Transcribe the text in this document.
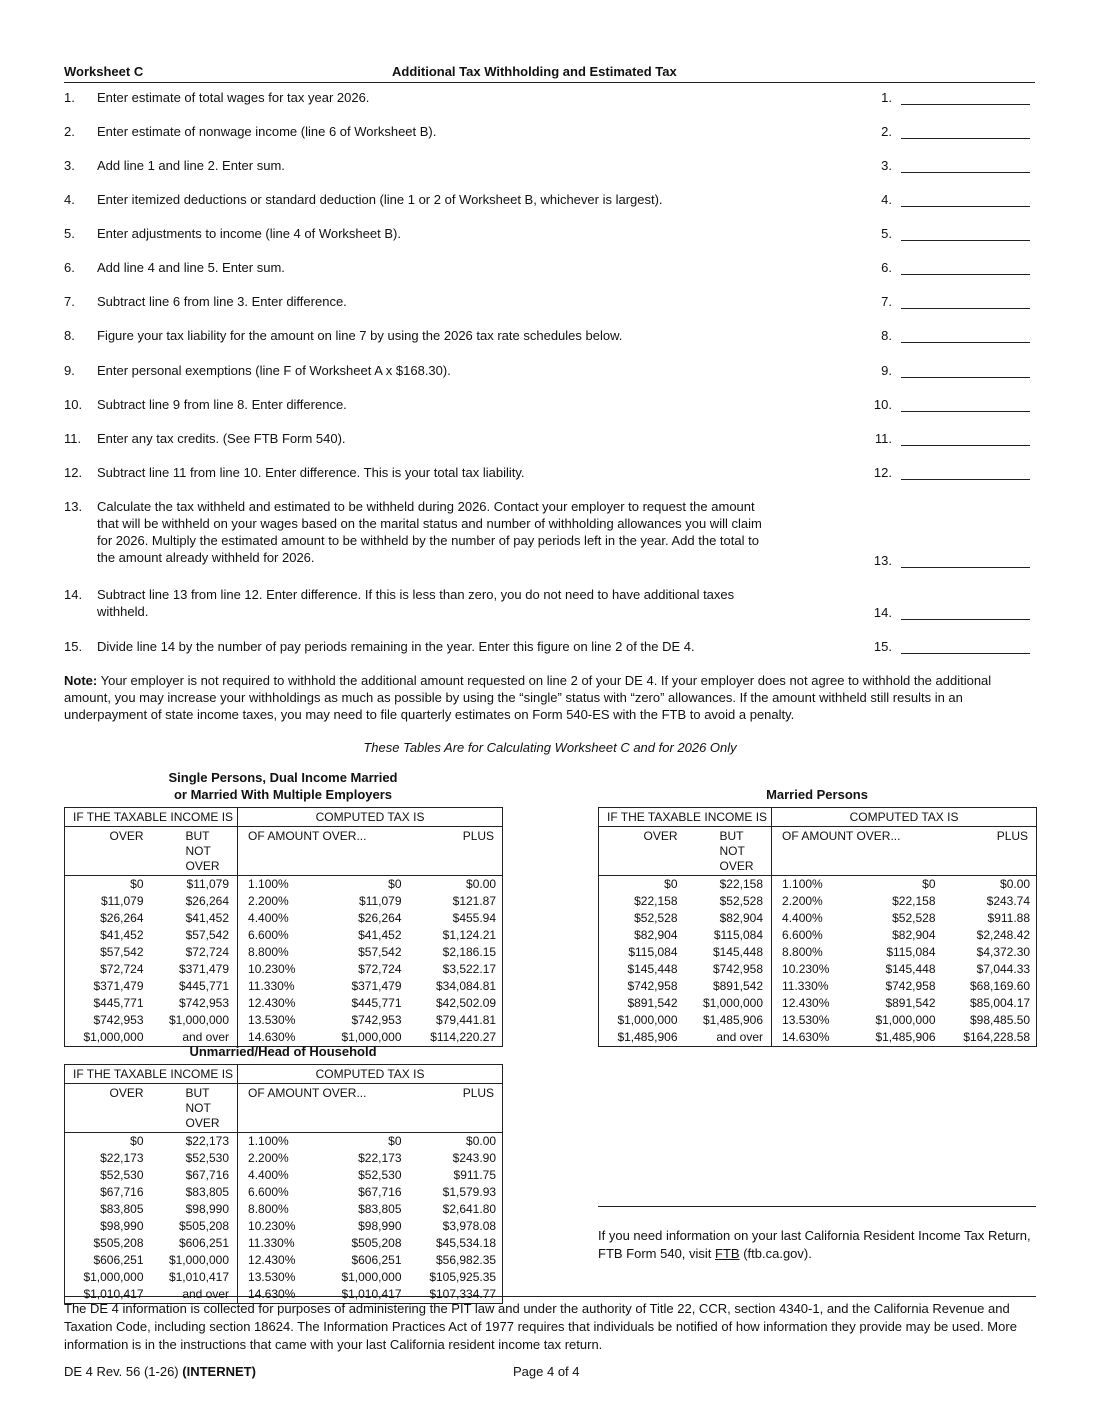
Worksheet C	Additional Tax Withholding and Estimated Tax
1. Enter estimate of total wages for tax year 2026.	1.
2. Enter estimate of nonwage income (line 6 of Worksheet B).	2.
3. Add line 1 and line 2. Enter sum.	3.
4. Enter itemized deductions or standard deduction (line 1 or 2 of Worksheet B, whichever is largest).	4.
5. Enter adjustments to income (line 4 of Worksheet B).	5.
6. Add line 4 and line 5. Enter sum.	6.
7. Subtract line 6 from line 3. Enter difference.	7.
8. Figure your tax liability for the amount on line 7 by using the 2026 tax rate schedules below.	8.
9. Enter personal exemptions (line F of Worksheet A x $168.30).	9.
10. Subtract line 9 from line 8. Enter difference.	10.
11. Enter any tax credits. (See FTB Form 540).	11.
12. Subtract line 11 from line 10. Enter difference. This is your total tax liability.	12.
13. Calculate the tax withheld and estimated to be withheld during 2026. Contact your employer to request the amount that will be withheld on your wages based on the marital status and number of withholding allowances you will claim for 2026. Multiply the estimated amount to be withheld by the number of pay periods left in the year. Add the total to the amount already withheld for 2026.	13.
14. Subtract line 13 from line 12. Enter difference. If this is less than zero, you do not need to have additional taxes withheld.	14.
15. Divide line 14 by the number of pay periods remaining in the year. Enter this figure on line 2 of the DE 4.	15.
Note: Your employer is not required to withhold the additional amount requested on line 2 of your DE 4. If your employer does not agree to withhold the additional amount, you may increase your withholdings as much as possible by using the “single” status with “zero” allowances. If the amount withheld still results in an underpayment of state income taxes, you may need to file quarterly estimates on Form 540-ES with the FTB to avoid a penalty.
These Tables Are for Calculating Worksheet C and for 2026 Only
Single Persons, Dual Income Married
or Married With Multiple Employers
IF THE TAXABLE INCOME IS		COMPUTED TAX IS		
OVER	BUT NOT
OVER	OF AMOUNT OVER...		PLUS
$0	$11,079	1.100%	$0	$0.00
$11,079	$26,264	2.200%	$11,079	$121.87
$26,264	$41,452	4.400%	$26,264	$455.94
$41,452	$57,542	6.600%	$41,452	$1,124.21
$57,542	$72,724	8.800%	$57,542	$2,186.15
$72,724	$371,479	10.230%	$72,724	$3,522.17
$371,479	$445,771	11.330%	$371,479	$34,084.81
$445,771	$742,953	12.430%	$445,771	$42,502.09
$742,953	$1,000,000	13.530%	$742,953	$79,441.81
$1,000,000	and over	14.630%	$1,000,000	$114,220.27
Married Persons
IF THE TAXABLE INCOME IS		COMPUTED TAX IS		
OVER	BUT NOT
OVER	OF AMOUNT OVER...		PLUS
$0	$22,158	1.100%	$0	$0.00
$22,158	$52,528	2.200%	$22,158	$243.74
$52,528	$82,904	4.400%	$52,528	$911.88
$82,904	$115,084	6.600%	$82,904	$2,248.42
$115,084	$145,448	8.800%	$115,084	$4,372.30
$145,448	$742,958	10.230%	$145,448	$7,044.33
$742,958	$891,542	11.330%	$742,958	$68,169.60
$891,542	$1,000,000	12.430%	$891,542	$85,004.17
$1,000,000	$1,485,906	13.530%	$1,000,000	$98,485.50
$1,485,906	and over	14.630%	$1,485,906	$164,228.58
Unmarried/Head of Household
IF THE TAXABLE INCOME IS		COMPUTED TAX IS		
OVER	BUT NOT
OVER	OF AMOUNT OVER...		PLUS
$0	$22,173	1.100%	$0	$0.00
$22,173	$52,530	2.200%	$22,173	$243.90
$52,530	$67,716	4.400%	$52,530	$911.75
$67,716	$83,805	6.600%	$67,716	$1,579.93
$83,805	$98,990	8.800%	$83,805	$2,641.80
$98,990	$505,208	10.230%	$98,990	$3,978.08
$505,208	$606,251	11.330%	$505,208	$45,534.18
$606,251	$1,000,000	12.430%	$606,251	$56,982.35
$1,000,000	$1,010,417	13.530%	$1,000,000	$105,925.35
$1,010,417	and over	14.630%	$1,010,417	$107,334.77
If you need information on your last California Resident Income Tax Return, FTB Form 540, visit FTB (ftb.ca.gov).
The DE 4 information is collected for purposes of administering the PIT law and under the authority of Title 22, CCR, section 4340-1, and the California Revenue and Taxation Code, including section 18624. The Information Practices Act of 1977 requires that individuals be notified of how information they provide may be used. More information is in the instructions that came with your last California resident income tax return.
DE 4 Rev. 56 (1-26) (INTERNET)	Page 4 of 4
